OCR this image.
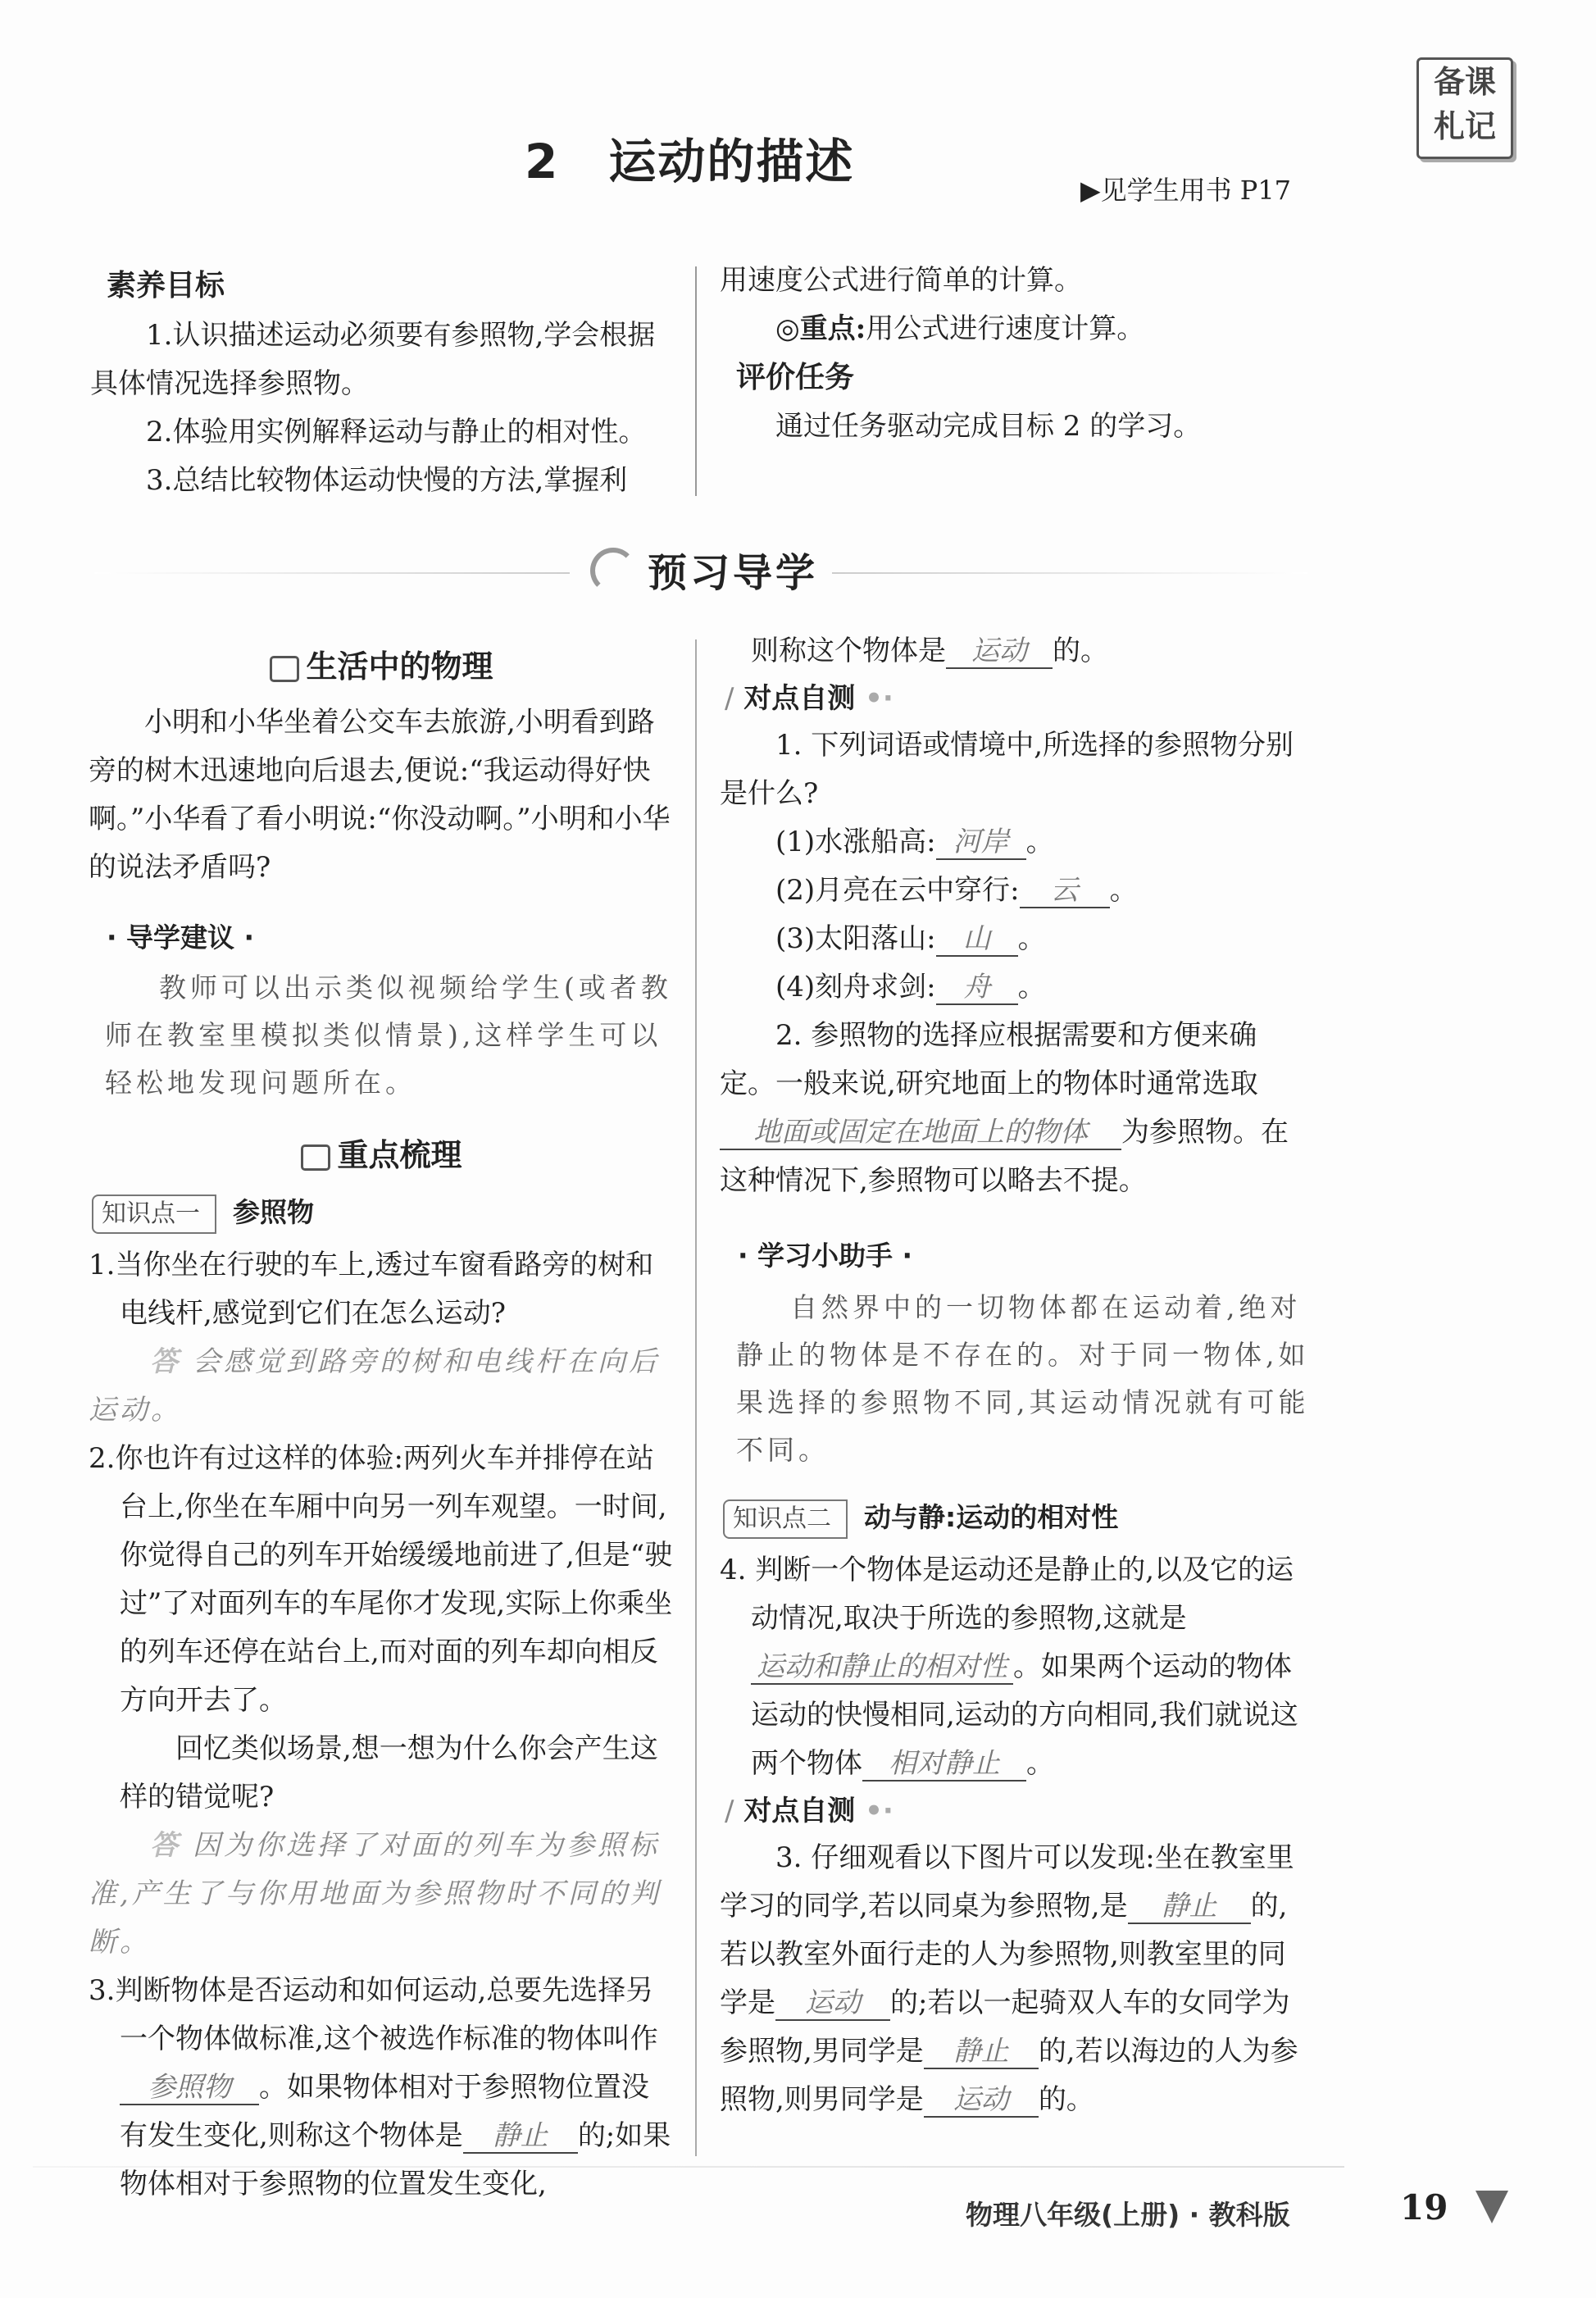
备课
札记
2　运动的描述
▶见学生用书 P17
素养目标

1.认识描述运动必须要有参照物,学会根据具体情况选择参照物。

2.体验用实例解释运动与静止的相对性。

3.总结比较物体运动快慢的方法,掌握利

用速度公式进行简单的计算。

◎重点:用公式进行速度计算。

评价任务

通过任务驱动完成目标 2 的学习。

预习导学
生活中的物理

小明和小华坐着公交车去旅游,小明看到路旁的树木迅速地向后退去,便说:“我运动得好快啊。”小华看了看小明说:“你没动啊。”小明和小华的说法矛盾吗?

· 导学建议 ·

教师可以出示类似视频给学生(或者教师在教室里模拟类似情景),这样学生可以轻松地发现问题所在。

重点梳理
知识点一 参照物

1.当你坐在行驶的车上,透过车窗看路旁的树和电线杆,感觉到它们在怎么运动?

答 会感觉到路旁的树和电线杆在向后运动。

2.你也许有过这样的体验:两列火车并排停在站台上,你坐在车厢中向另一列车观望。一时间,你觉得自己的列车开始缓缓地前进了,但是“驶过”了对面列车的车尾你才发现,实际上你乘坐的列车还停在站台上,而对面的列车却向相反方向开去了。

回忆类似场景,想一想为什么你会产生这样的错觉呢?

答 因为你选择了对面的列车为参照标准,产生了与你用地面为参照物时不同的判断。

3.判断物体是否运动和如何运动,总要先选择另一个物体做标准,这个被选作标准的物体叫作参照物 。如果物体相对于参照物位置没有发生变化,则称这个物体是 静止 的;如果物体相对于参照物的位置发生变化,

则称这个物体是 运动 的。

∕ 对点自测 •·

1. 下列词语或情境中,所选择的参照物分别是什么?

(1)水涨船高: 河岸 。

(2)月亮在云中穿行: 云 。

(3)太阳落山: 山 。

(4)刻舟求剑: 舟 。

2. 参照物的选择应根据需要和方便来确定。一般来说,研究地面上的物体时通常选取地面或固定在地面上的物体 为参照物。在这种情况下,参照物可以略去不提。

· 学习小助手 ·

自然界中的一切物体都在运动着,绝对静止的物体是不存在的。对于同一物体,如果选择的参照物不同,其运动情况就有可能不同。

知识点二 动与静:运动的相对性

4. 判断一个物体是运动还是静止的,以及它的运动情况,取决于所选的参照物,这就是运动和静止的相对性 。如果两个运动的物体运动的快慢相同,运动的方向相同,我们就说这两个物体 相对静止 。

∕ 对点自测 •·

3. 仔细观看以下图片可以发现:坐在教室里学习的同学,若以同桌为参照物,是 静止 的,若以教室外面行走的人为参照物,则教室里的同学是 运动 的;若以一起骑双人车的女同学为参照物,男同学是 静止 的,若以海边的人为参照物,则男同学是 运动 的。

物理八年级(上册) · 教科版	19
